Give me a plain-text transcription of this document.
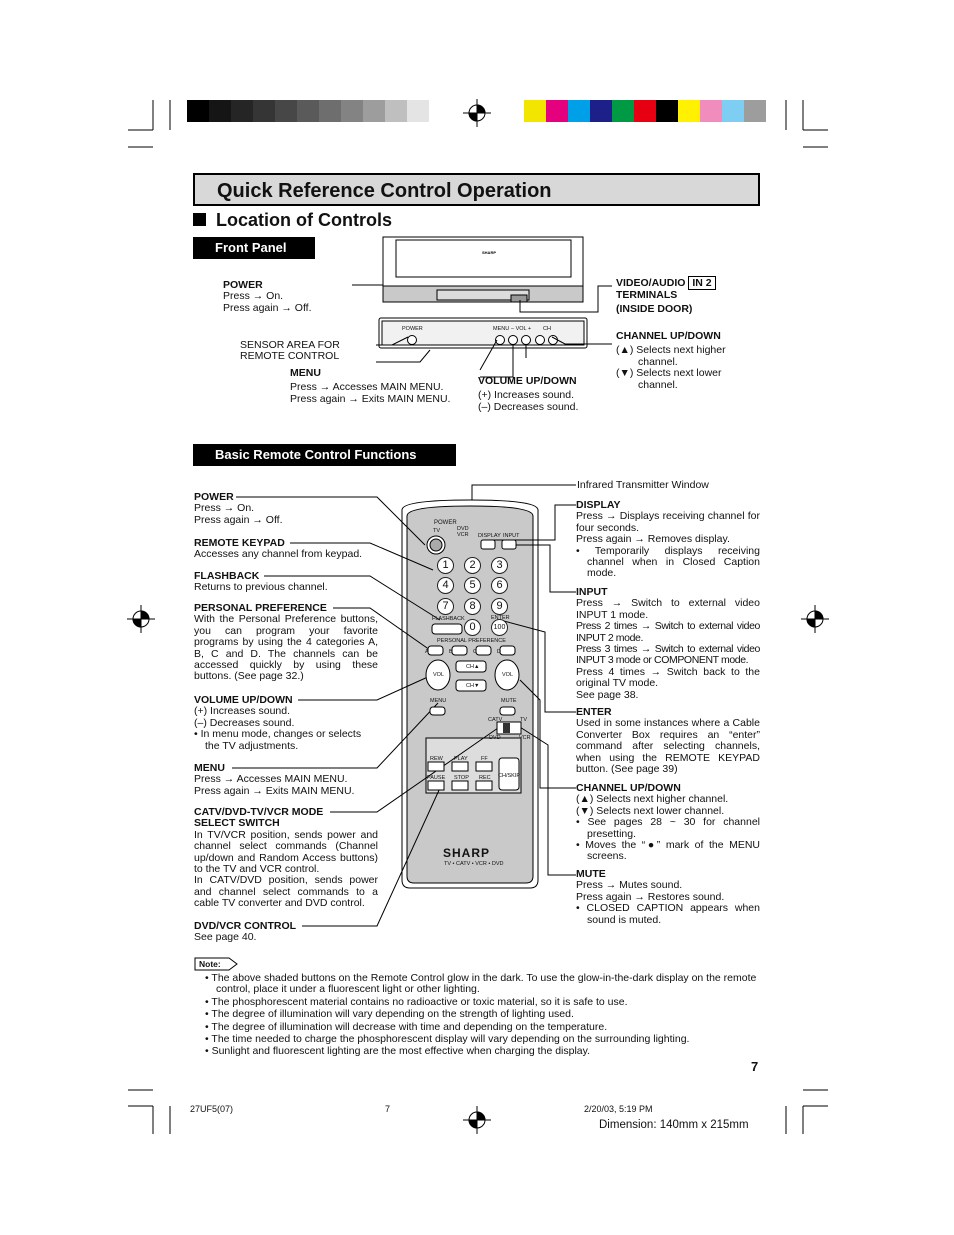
Quick Reference Control Operation
Location of Controls
Front Panel	SHARP
POWER	MENU – VOL + CH
POWER
Press → On.
Press again → Off.
SENSOR AREA FOR
REMOTE CONTROL
MENU
Press → Accesses MAIN MENU.
Press again → Exits MAIN MENU.
VIDEO/AUDIO IN 2
TERMINALS
(INSIDE DOOR)
CHANNEL UP/DOWN
(▲) Selects next higher
channel.
(▼) Selects next lower
channel.
VOLUME UP/DOWN
(+) Increases sound.
(–) Decreases sound.
Basic Remote Control Functions
1	2	3
4	5	6
7	8	9
0	100
POWER
TV	DVD
VCR DISPLAY INPUT
FLASHBACK	ENTER
PERSONAL PREFERENCE
A	B	C	D
CH▲
CH▼
VOL	VOL
MENU	MUTE
CATV	TV
DVD	VCR
REW PLAY FF
PAUSE STOP REC CH/SKIP
SHARP
TV • CATV • VCR • DVD
POWER
Press → On.
Press again → Off.
REMOTE KEYPAD
Accesses any channel from keypad.
FLASHBACK
Returns to previous channel.
PERSONAL PREFERENCE
With the Personal Preference buttons, you can program your favorite programs by using the 4 categories A, B, C and D. The channels can be accessed quickly by using these buttons. (See page 32.)
VOLUME UP/DOWN
(+) Increases sound.
(–) Decreases sound.
• In menu mode, changes or selects the TV adjustments.
MENU
Press → Accesses MAIN MENU.
Press again → Exits MAIN MENU.
CATV/DVD-TV/VCR MODE
SELECT SWITCH
In TV/VCR position, sends power and channel select commands (Channel up/down and Random Access buttons) to the TV and VCR control.
In CATV/DVD position, sends power and channel select commands to a cable TV converter and DVD control.
DVD/VCR CONTROL
See page 40.
Infrared Transmitter Window
DISPLAY
Press → Displays receiving channel for four seconds.
Press again → Removes display.
• Temporarily displays receiving channel when in Closed Caption mode.
INPUT
Press → Switch to external video INPUT 1 mode.
Press 2 times → Switch to external video INPUT 2 mode.
Press 3 times → Switch to external video INPUT 3 mode or COMPONENT mode.
Press 4 times → Switch back to the original TV mode.
See page 38.
ENTER
Used in some instances where a Cable Converter Box requires an “enter” command after selecting channels, when using the REMOTE KEYPAD button. (See page 39)
CHANNEL UP/DOWN
(▲) Selects next higher channel.
(▼) Selects next lower channel.
• See pages 28 ~ 30 for channel presetting.
• Moves the “●” mark of the MENU screens.
MUTE
Press → Mutes sound.
Press again → Restores sound.
• CLOSED CAPTION appears when sound is muted.
Note:
• The above shaded buttons on the Remote Control glow in the dark. To use the glow-in-the-dark display on the remote control, place it under a fluorescent light or other lighting.
• The phosphorescent material contains no radioactive or toxic material, so it is safe to use.
• The degree of illumination will vary depending on the strength of lighting used.
• The degree of illumination will decrease with time and depending on the temperature.
• The time needed to charge the phosphorescent display will vary depending on the surrounding lighting.
• Sunlight and fluorescent lighting are the most effective when charging the display.
7
27UF5(07)	7	2/20/03, 5:19 PM
Dimension: 140mm x 215mm
